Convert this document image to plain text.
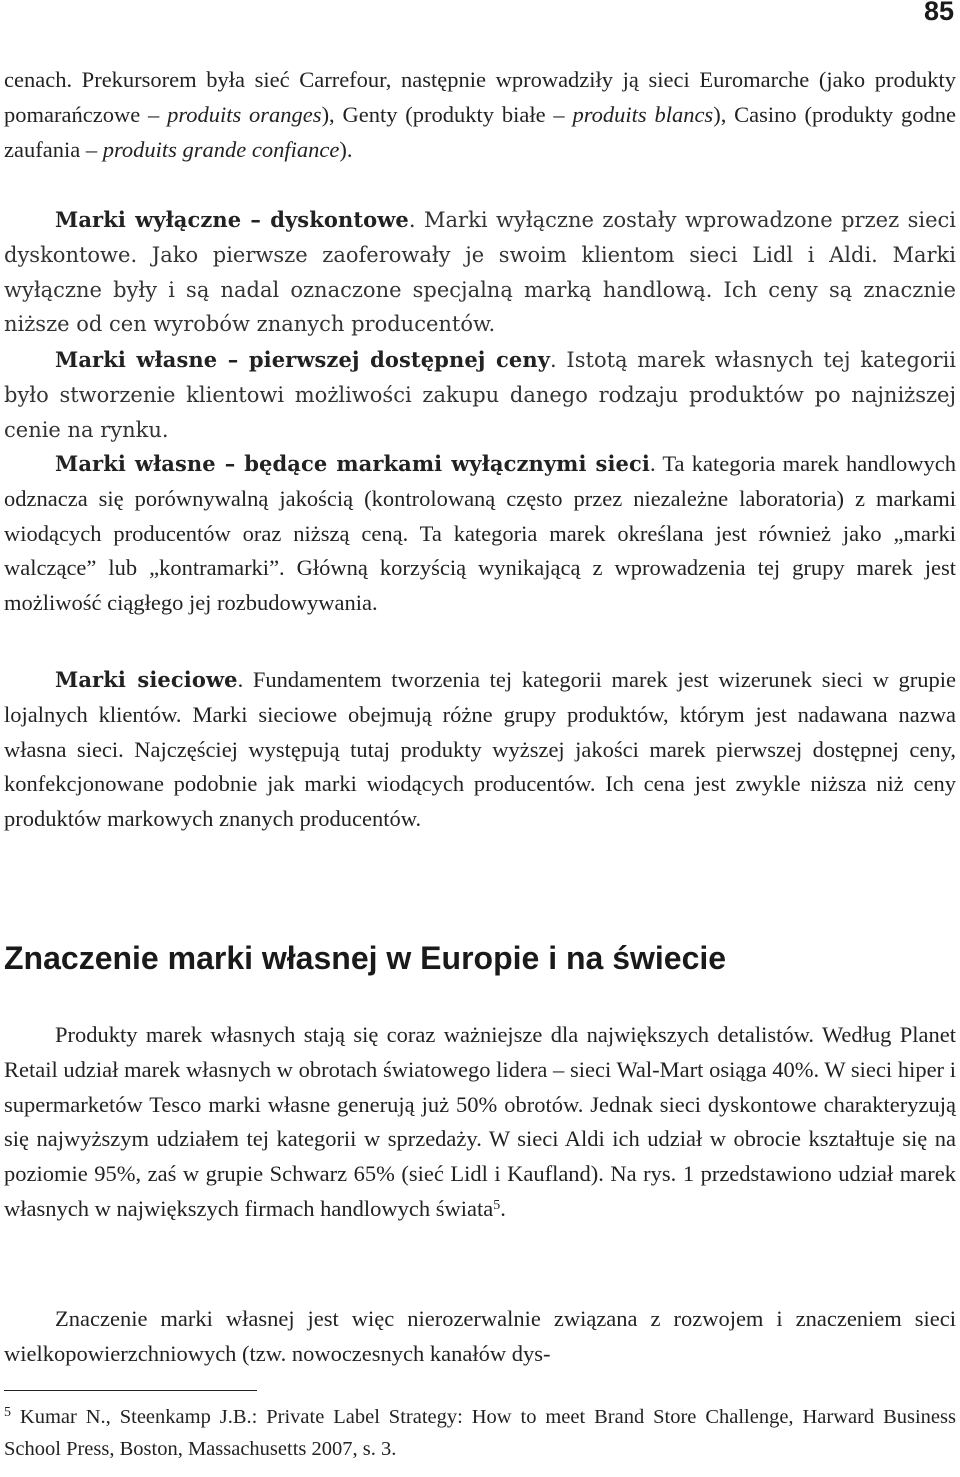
85

cenach. Prekursorem była sieć Carrefour, następnie wprowadziły ją sieci Euromarche (jako produkty pomarańczowe – produits oranges), Genty (produkty białe – produits blancs), Casino (produkty godne zaufania – produits grande confiance).

Marki wyłączne – dyskontowe. Marki wyłączne zostały wprowadzone przez sieci dyskontowe. Jako pierwsze zaoferowały je swoim klientom sieci Lidl i Aldi. Marki wyłączne były i są nadal oznaczone specjalną marką handlową. Ich ceny są znacznie niższe od cen wyrobów znanych producentów.

Marki własne – pierwszej dostępnej ceny. Istotą marek własnych tej kategorii było stworzenie klientowi możliwości zakupu danego rodzaju produktów po najniższej cenie na rynku.

Marki własne – będące markami wyłącznymi sieci. Ta kategoria marek handlowych odznacza się porównywalną jakością (kontrolowaną często przez niezależne laboratoria) z markami wiodących producentów oraz niższą ceną. Ta kategoria marek określana jest również jako „marki walczące” lub „kontramarki”. Główną korzyścią wynikającą z wprowadzenia tej grupy marek jest możliwość ciągłego jej rozbudowywania.

Marki sieciowe. Fundamentem tworzenia tej kategorii marek jest wizerunek sieci w grupie lojalnych klientów. Marki sieciowe obejmują różne grupy produktów, którym jest nadawana nazwa własna sieci. Najczęściej występują tutaj produkty wyższej jakości marek pierwszej dostępnej ceny, konfekcjonowane podobnie jak marki wiodących producentów. Ich cena jest zwykle niższa niż ceny produktów markowych znanych producentów.

Znaczenie marki własnej w Europie i na świecie

Produkty marek własnych stają się coraz ważniejsze dla największych detalistów. Według Planet Retail udział marek własnych w obrotach światowego lidera – sieci Wal-Mart osiąga 40%. W sieci hiper i supermarketów Tesco marki własne generują już 50% obrotów. Jednak sieci dyskontowe charakteryzują się najwyższym udziałem tej kategorii w sprzedaży. W sieci Aldi ich udział w obrocie kształtuje się na poziomie 95%, zaś w grupie Schwarz 65% (sieć Lidl i Kaufland). Na rys. 1 przedstawiono udział marek własnych w największych firmach handlowych świata$^5$.

Znaczenie marki własnej jest więc nierozerwalnie związana z rozwojem i znaczeniem sieci wielkopowierzchniowych (tzw. nowoczesnych kanałów dys-

$^5$ Kumar N., Steenkamp J.B.: Private Label Strategy: How to meet Brand Store Challenge, Harward Business School Press, Boston, Massachusetts 2007, s. 3.
